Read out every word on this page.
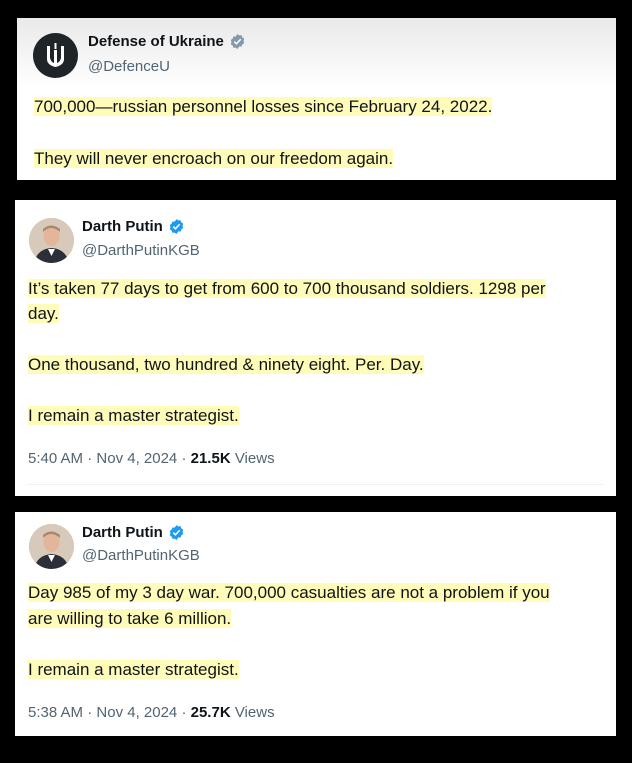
Defense of Ukraine
@DefenceU

700,000—russian personnel losses since February 24, 2022.

They will never encroach on our freedom again.

Darth Putin
@DarthPutinKGB

It’s taken 77 days to get from 600 to 700 thousand soldiers. 1298 per

day.

One thousand, two hundred & ninety eight. Per. Day.

I remain a master strategist.

5:40 AM · Nov 4, 2024 · 21.5K Views
Darth Putin
@DarthPutinKGB

Day 985 of my 3 day war. 700,000 casualties are not a problem if you

are willing to take 6 million.

I remain a master strategist.

5:38 AM · Nov 4, 2024 · 25.7K Views
